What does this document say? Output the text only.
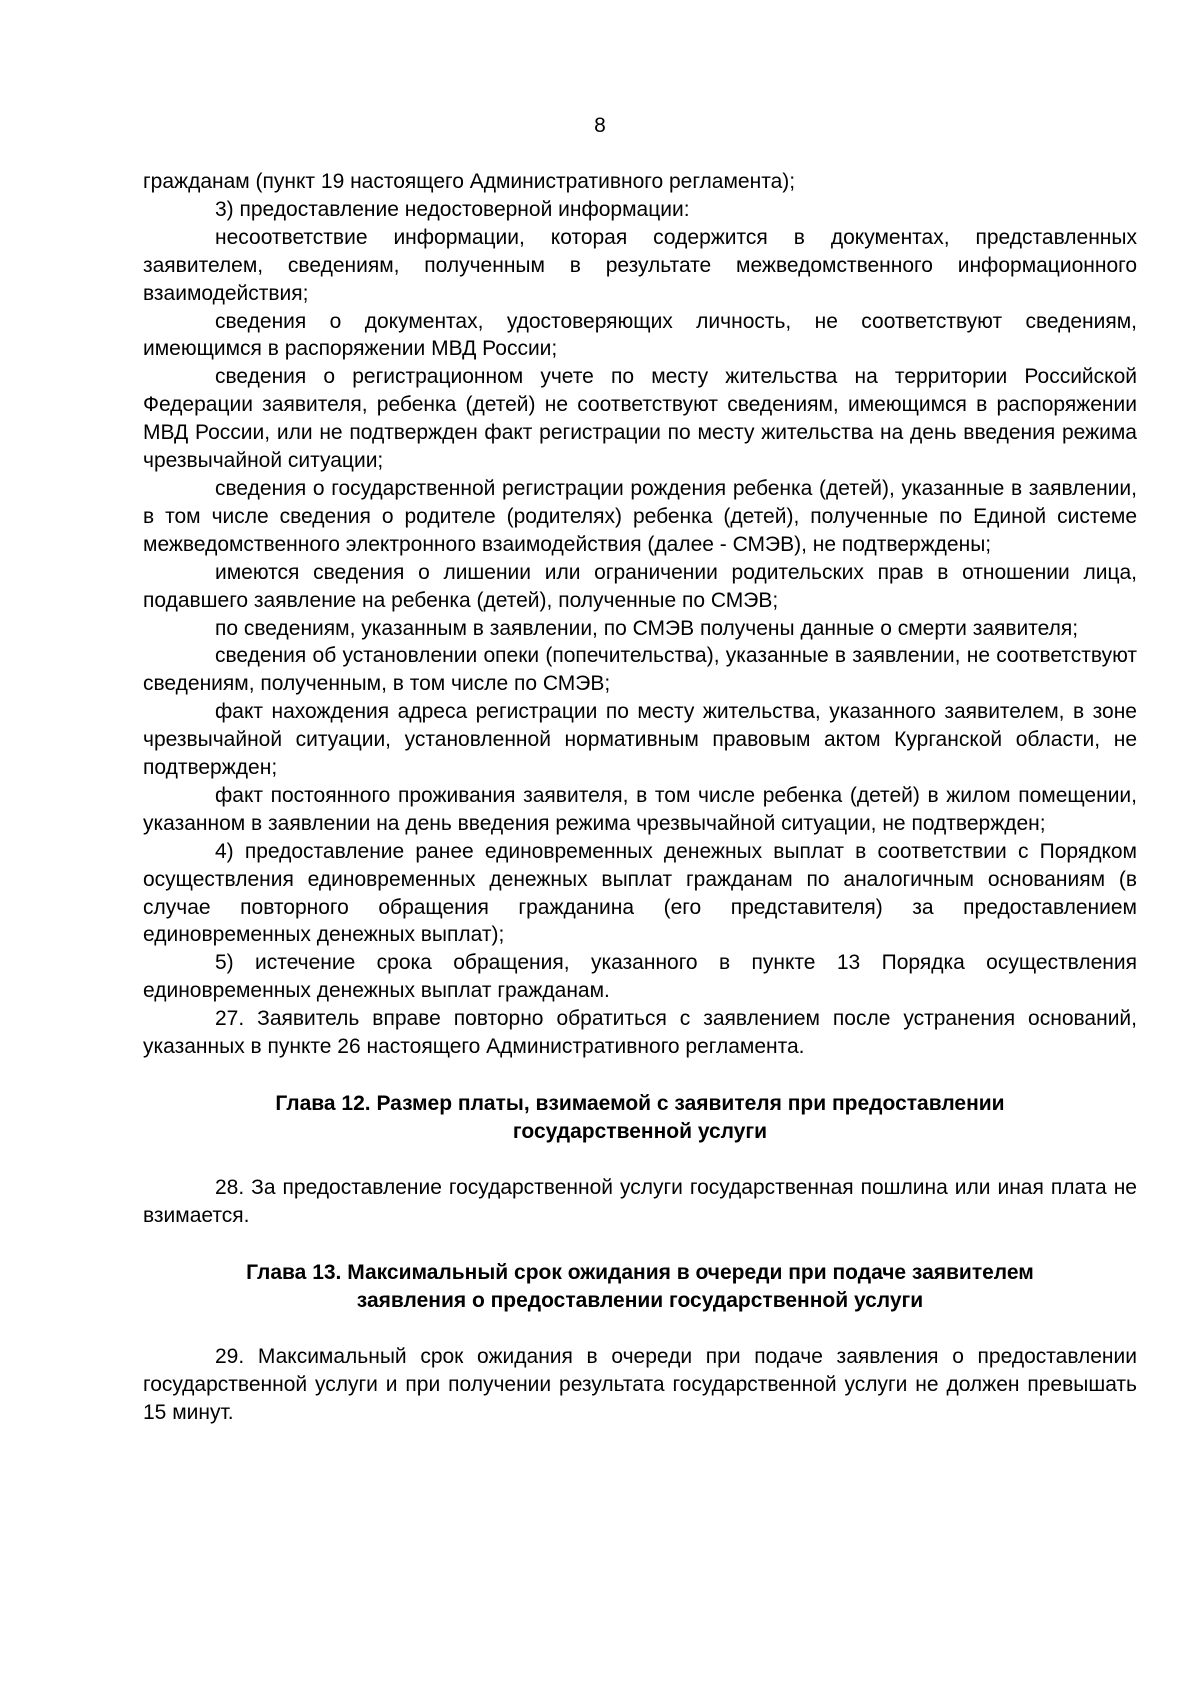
8

гражданам (пункт 19 настоящего Административного регламента);

3) предоставление недостоверной информации:

несоответствие информации, которая содержится в документах, представленных заявителем, сведениям, полученным в результате межведомственного информационного взаимодействия;

сведения о документах, удостоверяющих личность, не соответствуют сведениям, имеющимся в распоряжении МВД России;

сведения о регистрационном учете по месту жительства на территории Российской Федерации заявителя, ребенка (детей) не соответствуют сведениям, имеющимся в распоряжении МВД России, или не подтвержден факт регистрации по месту жительства на день введения режима чрезвычайной ситуации;

сведения о государственной регистрации рождения ребенка (детей), указанные в заявлении, в том числе сведения о родителе (родителях) ребенка (детей), полученные по Единой системе межведомственного электронного взаимодействия (далее - СМЭВ), не подтверждены;

имеются сведения о лишении или ограничении родительских прав в отношении лица, подавшего заявление на ребенка (детей), полученные по СМЭВ;

по сведениям, указанным в заявлении, по СМЭВ получены данные о смерти заявителя;

сведения об установлении опеки (попечительства), указанные в заявлении, не соответствуют сведениям, полученным, в том числе по СМЭВ;

факт нахождения адреса регистрации по месту жительства, указанного заявителем, в зоне чрезвычайной ситуации, установленной нормативным правовым актом Курганской области, не подтвержден;

факт постоянного проживания заявителя, в том числе ребенка (детей) в жилом помещении, указанном в заявлении на день введения режима чрезвычайной ситуации, не подтвержден;

4) предоставление ранее единовременных денежных выплат в соответствии с Порядком осуществления единовременных денежных выплат гражданам по аналогичным основаниям (в случае повторного обращения гражданина (его представителя) за предоставлением единовременных денежных выплат);

5) истечение срока обращения, указанного в пункте 13 Порядка осуществления единовременных денежных выплат гражданам.

27. Заявитель вправе повторно обратиться с заявлением после устранения оснований, указанных в пункте 26 настоящего Административного регламента.

Глава 12. Размер платы, взимаемой с заявителя при предоставлении государственной услуги

28. За предоставление государственной услуги государственная пошлина или иная плата не взимается.

Глава 13. Максимальный срок ожидания в очереди при подаче заявителем заявления о предоставлении государственной услуги

29. Максимальный срок ожидания в очереди при подаче заявления о предоставлении государственной услуги и при получении результата государственной услуги не должен превышать 15 минут.
